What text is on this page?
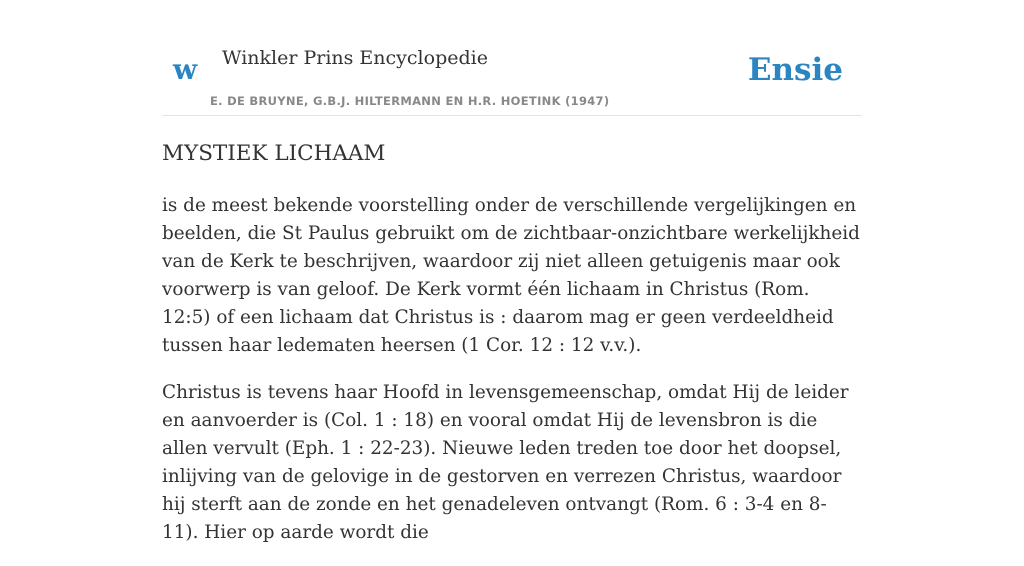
w Winkler Prins Encyclopedie
E. DE BRUYNE, G.B.J. HILTERMANN EN H.R. HOETINK (1947)
Ensie
MYSTIEK LICHAAM

is de meest bekende voorstelling onder de verschillende vergelijkingen en beelden, die St Paulus gebruikt om de zichtbaar-onzichtbare werkelijkheid van de Kerk te beschrijven, waardoor zij niet alleen getuigenis maar ook voorwerp is van geloof. De Kerk vormt één lichaam in Christus (Rom. 12:5) of een lichaam dat Christus is : daarom mag er geen verdeeldheid tussen haar ledematen heersen (1 Cor. 12 : 12 v.v.).

Christus is tevens haar Hoofd in levensgemeenschap, omdat Hij de leider en aanvoerder is (Col. 1 : 18) en vooral omdat Hij de levensbron is die allen vervult (Eph. 1 : 22-23). Nieuwe leden treden toe door het doopsel, inlijving van de gelovige in de gestorven en verrezen Christus, waardoor hij sterft aan de zonde en het genadeleven ontvangt (Rom. 6 : 3-4 en 8-11). Hier op aarde wordt die
